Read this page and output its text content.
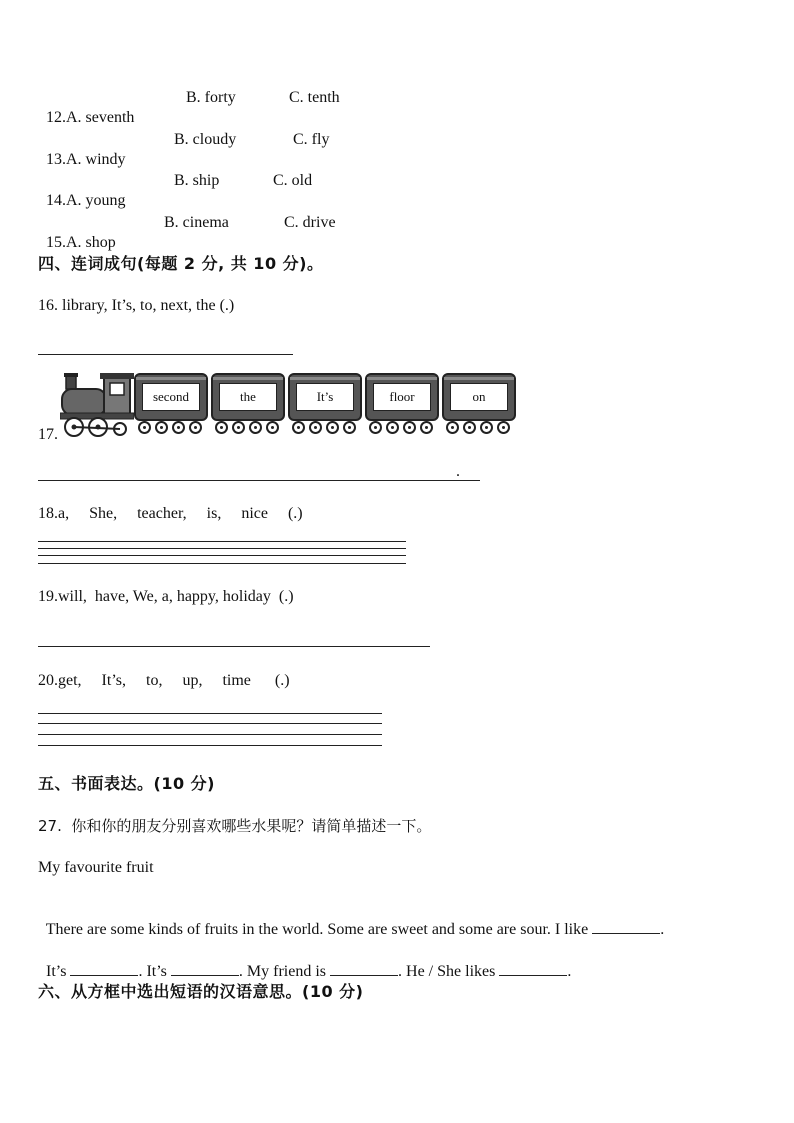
12.A. seventh

B. forty

	C. tenth

13.A. windy

B. cloudy

	C. fly

14.A. young

B. ship

	C. old

15.A. shop

B. cinema

	C. drive

四、连词成句(每题 2 分, 共 10 分)。
16. library, It’s, to, next, the (.)
17.
second	the	It’s	floor	on
.
18.a,     She,     teacher,     is,     nice     (.)
19.will,  have, We, a, happy, holiday  (.)
20.get,     It’s,     to,     up,     time      (.)
五、书面表达。(10 分)
27.  你和你的朋友分别喜欢哪些水果呢？请简单描述一下。
My favourite fruit

There are some kinds of fruits in the world. Some are sweet and some are sour. I like	.

It’s	. It’s	. My friend is	. He / She likes	.

六、从方框中选出短语的汉语意思。(10 分)
